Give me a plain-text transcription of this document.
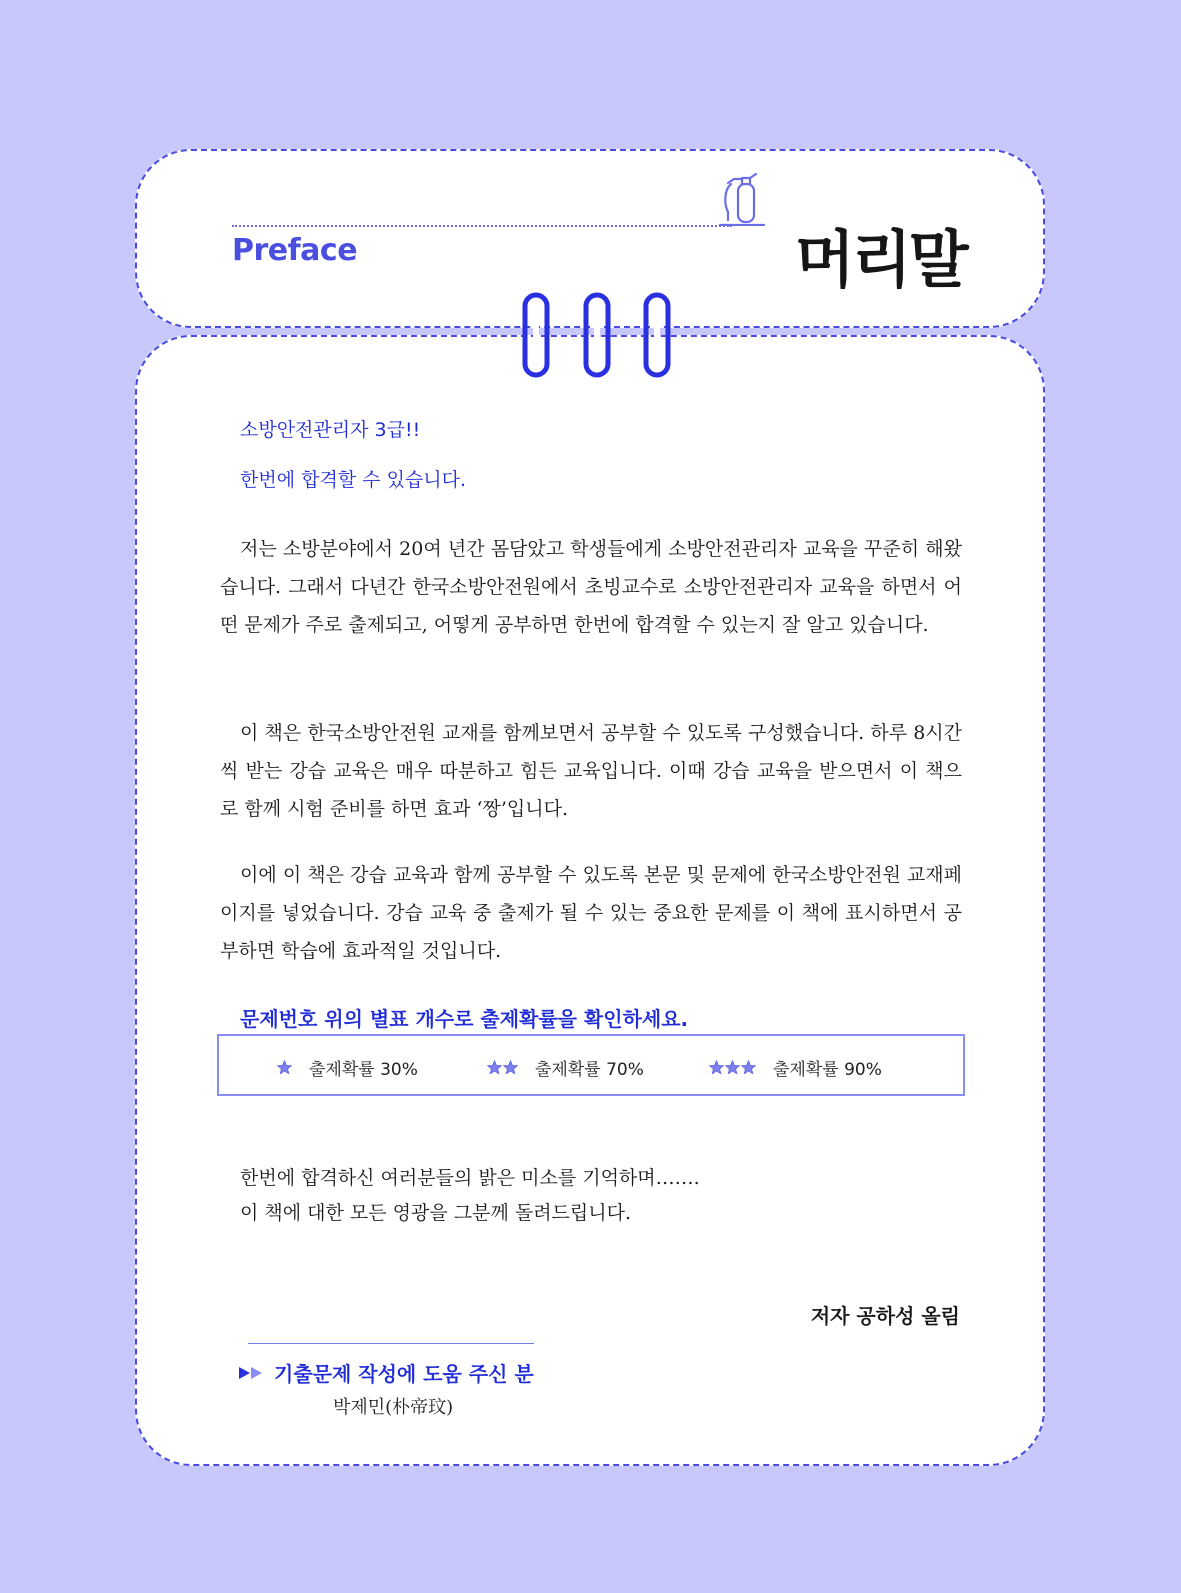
Preface	머리말
소방안전관리자 3급!!
한번에 합격할 수 있습니다.

저는 소방분야에서 20여 년간 몸담았고 학생들에게 소방안전관리자 교육을 꾸준히 해왔습니다. 그래서 다년간 한국소방안전원에서 초빙교수로 소방안전관리자 교육을 하면서 어떤 문제가 주로 출제되고, 어떻게 공부하면 한번에 합격할 수 있는지 잘 알고 있습니다.

이 책은 한국소방안전원 교재를 함께보면서 공부할 수 있도록 구성했습니다. 하루 8시간씩 받는 강습 교육은 매우 따분하고 힘든 교육입니다. 이때 강습 교육을 받으면서 이 책으로 함께 시험 준비를 하면 효과 ‘짱’입니다.

이에 이 책은 강습 교육과 함께 공부할 수 있도록 본문 및 문제에 한국소방안전원 교재페이지를 넣었습니다. 강습 교육 중 출제가 될 수 있는 중요한 문제를 이 책에 표시하면서 공부하면 학습에 효과적일 것입니다.

문제번호 위의 별표 개수로 출제확률을 확인하세요.
출제확률 30%	출제확률 70%	출제확률 90%
한번에 합격하신 여러분들의 밝은 미소를 기억하며…….
이 책에 대한 모든 영광을 그분께 돌려드립니다.
저자 공하성 올림
기출문제 작성에 도움 주신 분
박제민(朴帝玟)
